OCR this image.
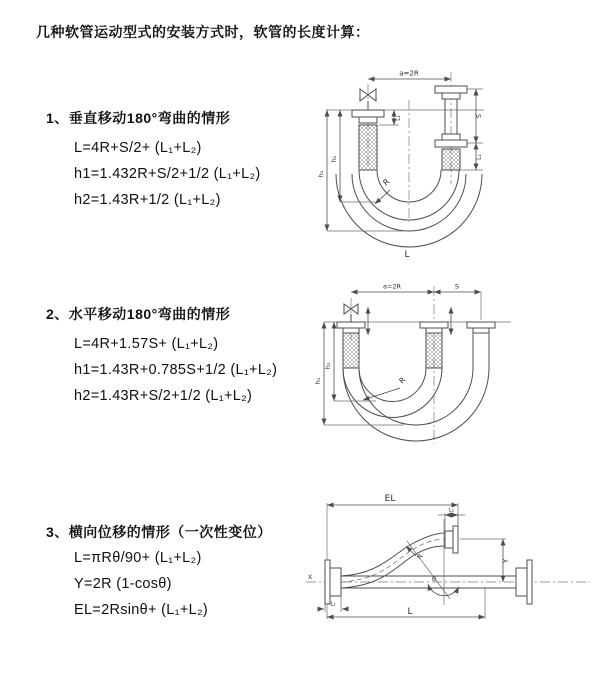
几种软管运动型式的安装方式时，软管的长度计算：
1、垂直移动180°弯曲的情形
L=4R+S/2+ (L₁+L₂)
h1=1.432R+S/2+1/2 (L₁+L₂)
h2=1.43R+1/2 (L₁+L₂)
a=2R
S
L₁
L₁
h₂
h₁
R
L
2、水平移动180°弯曲的情形
L=4R+1.57S+ (L₁+L₂)
h1=1.43R+0.785S+1/2 (L₁+L₂)
h2=1.43R+S/2+1/2 (L₁+L₂)
a=2R	S
h₂
h₁	R
3、横向位移的情形（一次性变位）
L=πRθ/90+ (L₁+L₂)
Y=2R (1-cosθ)
EL=2Rsinθ+ (L₁+L₂)
X
EL
L₁
Y
L
L₁
R
θ
